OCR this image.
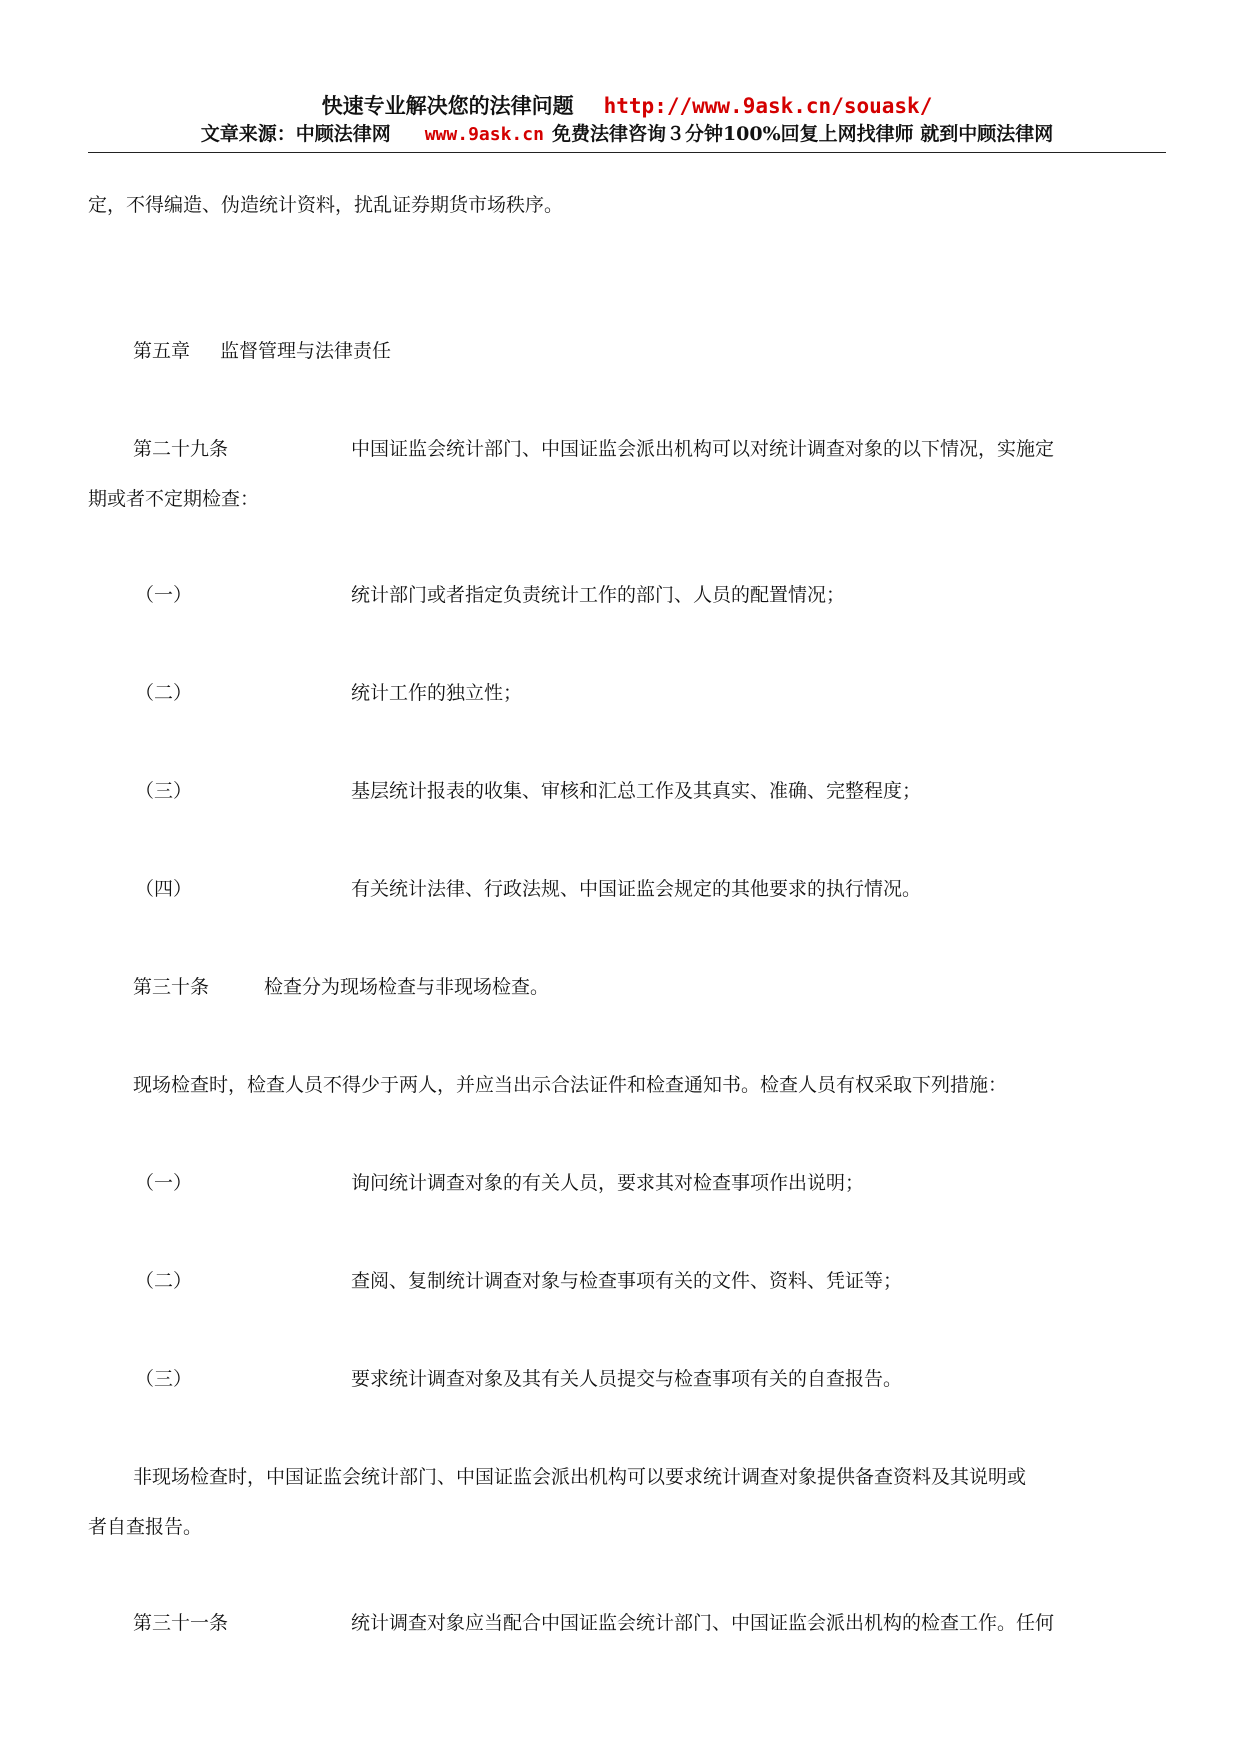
快速专业解决您的法律问题 http://www.9ask.cn/souask/
文章来源：中顾法律网 www.9ask.cn 免费法律咨询３分钟100%回复上网找律师 就到中顾法律网
定，不得编造、伪造统计资料，扰乱证券期货市场秩序。
第五章 监督管理与法律责任
第二十九条	中国证监会统计部门、中国证监会派出机构可以对统计调查对象的以下情况，实施定
期或者不定期检查：
（一）	统计部门或者指定负责统计工作的部门、人员的配置情况；
（二）	统计工作的独立性；
（三）	基层统计报表的收集、审核和汇总工作及其真实、准确、完整程度；
（四）	有关统计法律、行政法规、中国证监会规定的其他要求的执行情况。
第三十条	检查分为现场检查与非现场检查。
现场检查时，检查人员不得少于两人，并应当出示合法证件和检查通知书。检查人员有权采取下列措施：
（一）	询问统计调查对象的有关人员，要求其对检查事项作出说明；
（二）	查阅、复制统计调查对象与检查事项有关的文件、资料、凭证等；
（三）	要求统计调查对象及其有关人员提交与检查事项有关的自查报告。
非现场检查时，中国证监会统计部门、中国证监会派出机构可以要求统计调查对象提供备查资料及其说明或
者自查报告。
第三十一条	统计调查对象应当配合中国证监会统计部门、中国证监会派出机构的检查工作。任何
